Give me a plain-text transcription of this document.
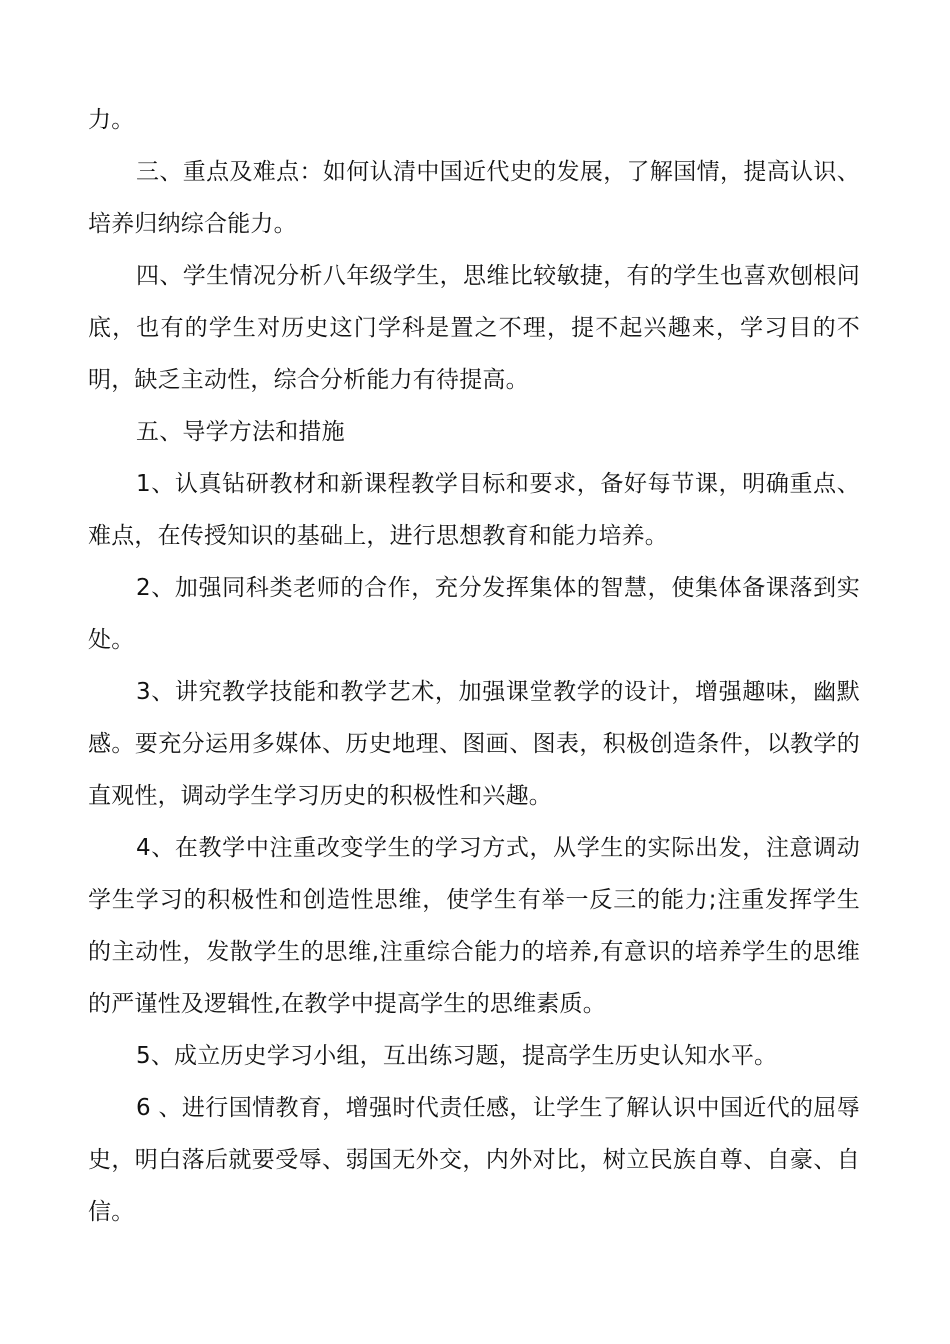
力。

三、重点及难点：如何认清中国近代史的发展，了解国情，提高认识、培养归纳综合能力。

四、学生情况分析八年级学生，思维比较敏捷，有的学生也喜欢刨根问底，也有的学生对历史这门学科是置之不理，提不起兴趣来，学习目的不明，缺乏主动性，综合分析能力有待提高。

五、导学方法和措施

1、认真钻研教材和新课程教学目标和要求，备好每节课，明确重点、难点，在传授知识的基础上，进行思想教育和能力培养。

2、加强同科类老师的合作，充分发挥集体的智慧，使集体备课落到实处。

3、讲究教学技能和教学艺术，加强课堂教学的设计，增强趣味，幽默感。要充分运用多媒体、历史地理、图画、图表，积极创造条件，以教学的直观性，调动学生学习历史的积极性和兴趣。

4、在教学中注重改变学生的学习方式，从学生的实际出发，注意调动学生学习的积极性和创造性思维，使学生有举一反三的能力;注重发挥学生的主动性，发散学生的思维,注重综合能力的培养,有意识的培养学生的思维的严谨性及逻辑性,在教学中提高学生的思维素质。

5、成立历史学习小组，互出练习题，提高学生历史认知水平。

6 、进行国情教育，增强时代责任感，让学生了解认识中国近代的屈辱史，明白落后就要受辱、弱国无外交，内外对比，树立民族自尊、自豪、自信。
